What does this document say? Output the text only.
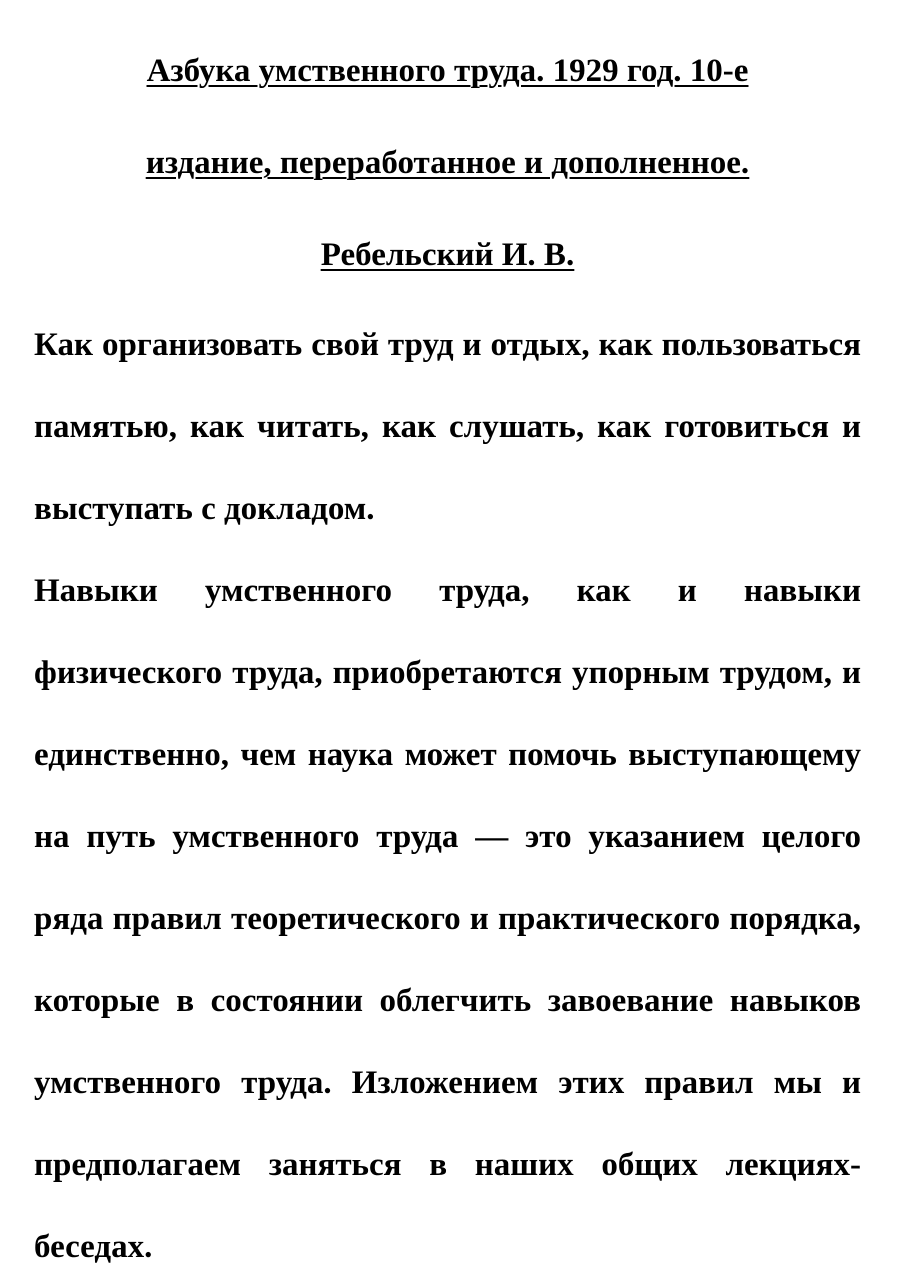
Азбука умственного труда. 1929 год. 10-е
издание, переработанное и дополненное.
Ребельский И. В.

Как организовать свой труд и отдых, как пользоваться памятью, как читать, как слушать, как готовиться и выступать с докладом.

Навыки умственного труда, как и навыки физического труда, приобретаются упорным трудом, и единственно, чем наука может помочь выступающему на путь умственного труда — это указанием целого ряда правил теоретического и практического порядка, которые в состоянии облегчить завоевание навыков умственного труда. Изложением этих правил мы и предполагаем заняться в наших общих лекциях-беседах.
